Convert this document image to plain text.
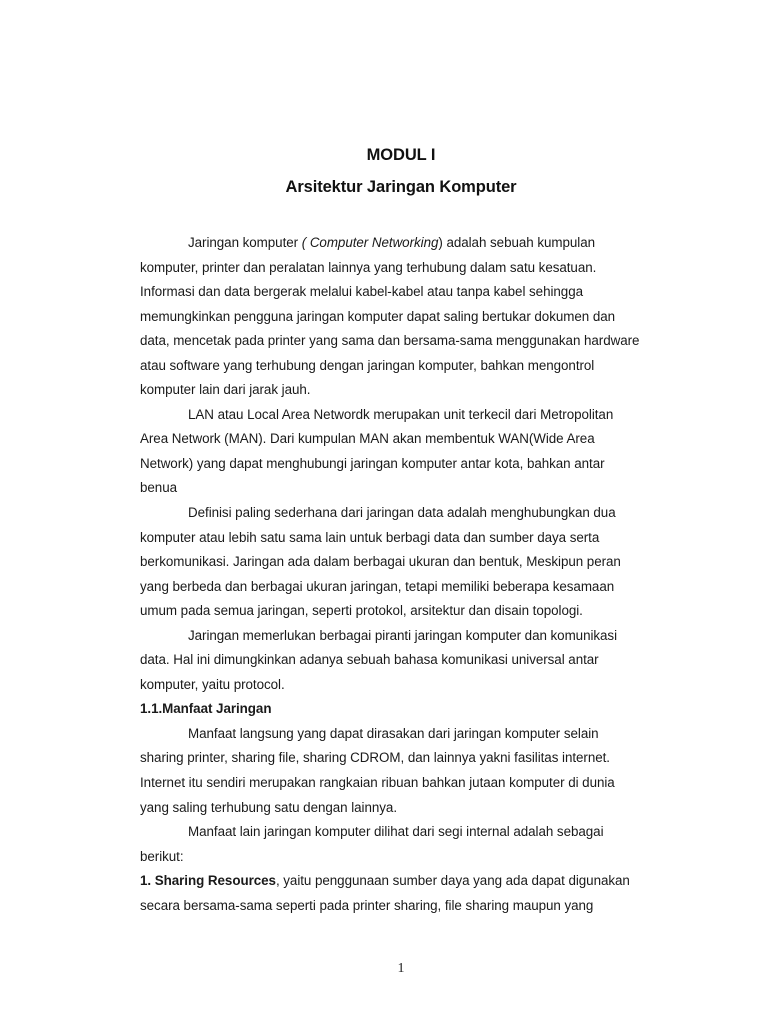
MODUL I
Arsitektur Jaringan Komputer
Jaringan komputer ( Computer Networking) adalah sebuah kumpulan
komputer, printer dan peralatan lainnya yang terhubung dalam satu kesatuan.
Informasi dan data bergerak melalui kabel-kabel atau tanpa kabel sehingga
memungkinkan pengguna jaringan komputer dapat saling bertukar dokumen dan
data, mencetak pada printer yang sama dan bersama-sama menggunakan hardware
atau software yang terhubung dengan jaringan komputer, bahkan mengontrol
komputer lain dari jarak jauh.
LAN atau Local Area Networdk merupakan unit terkecil dari Metropolitan
Area Network (MAN). Dari kumpulan MAN akan membentuk WAN(Wide Area
Network) yang dapat menghubungi jaringan komputer antar kota, bahkan antar
benua
Definisi paling sederhana dari jaringan data adalah menghubungkan dua
komputer atau lebih satu sama lain untuk berbagi data dan sumber daya serta
berkomunikasi. Jaringan ada dalam berbagai ukuran dan bentuk, Meskipun peran
yang berbeda dan berbagai ukuran jaringan, tetapi memiliki beberapa kesamaan
umum pada semua jaringan, seperti protokol, arsitektur dan disain topologi.
Jaringan memerlukan berbagai piranti jaringan komputer dan komunikasi
data. Hal ini dimungkinkan adanya sebuah bahasa komunikasi universal antar
komputer, yaitu protocol.
1.1.Manfaat Jaringan
Manfaat langsung yang dapat dirasakan dari jaringan komputer selain
sharing printer, sharing file, sharing CDROM, dan lainnya yakni fasilitas internet.
Internet itu sendiri merupakan rangkaian ribuan bahkan jutaan komputer di dunia
yang saling terhubung satu dengan lainnya.
Manfaat lain jaringan komputer dilihat dari segi internal adalah sebagai
berikut:
1. Sharing Resources, yaitu penggunaan sumber daya yang ada dapat digunakan
secara bersama-sama seperti pada printer sharing, file sharing maupun yang
1
